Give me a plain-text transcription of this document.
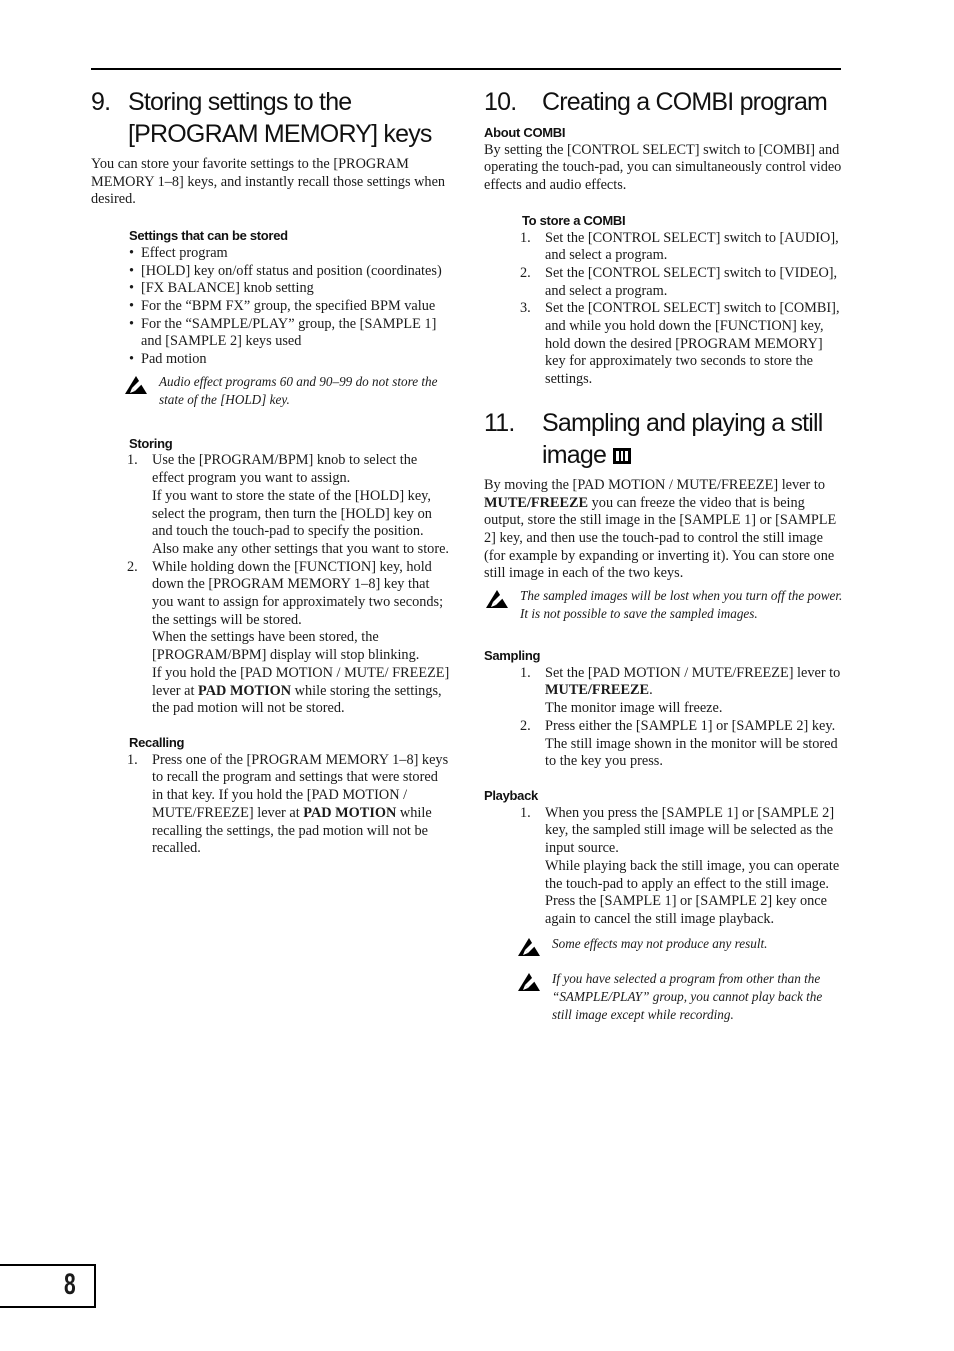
9. Storing settings to the
[PROGRAM MEMORY] keys

You can store your favorite settings to the [PROGRAM MEMORY 1–8] keys, and instantly recall those settings when desired.

Settings that can be stored
• Effect program
• [HOLD] key on/off status and position (coordinates)
• [FX BALANCE] knob setting
• For the “BPM FX” group, the specified BPM value
• For the “SAMPLE/PLAY” group, the [SAMPLE 1] and [SAMPLE 2] keys used
• Pad motion
Audio effect programs 60 and 90–99 do not store the state of the [HOLD] key.
Storing
1. Use the [PROGRAM/BPM] knob to select the effect program you want to assign.

If you want to store the state of the [HOLD] key, select the program, then turn the [HOLD] key on and touch the touch-pad to specify the position. Also make any other settings that you want to store.

2. While holding down the [FUNCTION] key, hold down the [PROGRAM MEMORY 1–8] key that you want to assign for approximately two seconds; the settings will be stored.

When the settings have been stored, the [PROGRAM/BPM] display will stop blinking.

If you hold the [PAD MOTION / MUTE/ FREEZE] lever at PAD MOTION while storing the settings, the pad motion will not be stored.

Recalling
1. Press one of the [PROGRAM MEMORY 1–8] keys to recall the program and settings that were stored in that key. If you hold the [PAD MOTION / MUTE/FREEZE] lever at PAD MOTION while recalling the settings, the pad motion will not be recalled.
10.	Creating a COMBI program
About COMBI

By setting the [CONTROL SELECT] switch to [COMBI] and operating the touch-pad, you can simultaneously control video effects and audio effects.

To store a COMBI
1. Set the [CONTROL SELECT] switch to [AUDIO], and select a program.
2. Set the [CONTROL SELECT] switch to [VIDEO], and select a program.
3. Set the [CONTROL SELECT] switch to [COMBI], and while you hold down the [FUNCTION] key, hold down the desired [PROGRAM MEMORY] key for approximately two seconds to store the settings.
11.	Sampling and playing a still
image

By moving the [PAD MOTION / MUTE/FREEZE] lever to MUTE/FREEZE you can freeze the video that is being output, store the still image in the [SAMPLE 1] or [SAMPLE 2] key, and then use the touch-pad to control the still image (for example by expanding or inverting it). You can store one still image in each of the two keys.

The sampled images will be lost when you turn off the power. It is not possible to save the sampled images.
Sampling
1. Set the [PAD MOTION / MUTE/FREEZE] lever to MUTE/FREEZE.

The monitor image will freeze.

2. Press either the [SAMPLE 1] or [SAMPLE 2] key.

The still image shown in the monitor will be stored to the key you press.

Playback
1. When you press the [SAMPLE 1] or [SAMPLE 2] key, the sampled still image will be selected as the input source.

While playing back the still image, you can operate the touch-pad to apply an effect to the still image.

Press the [SAMPLE 1] or [SAMPLE 2] key once again to cancel the still image playback.

Some effects may not produce any result.
If you have selected a program from other than the “SAMPLE/PLAY” group, you cannot play back the still image except while recording.
8
